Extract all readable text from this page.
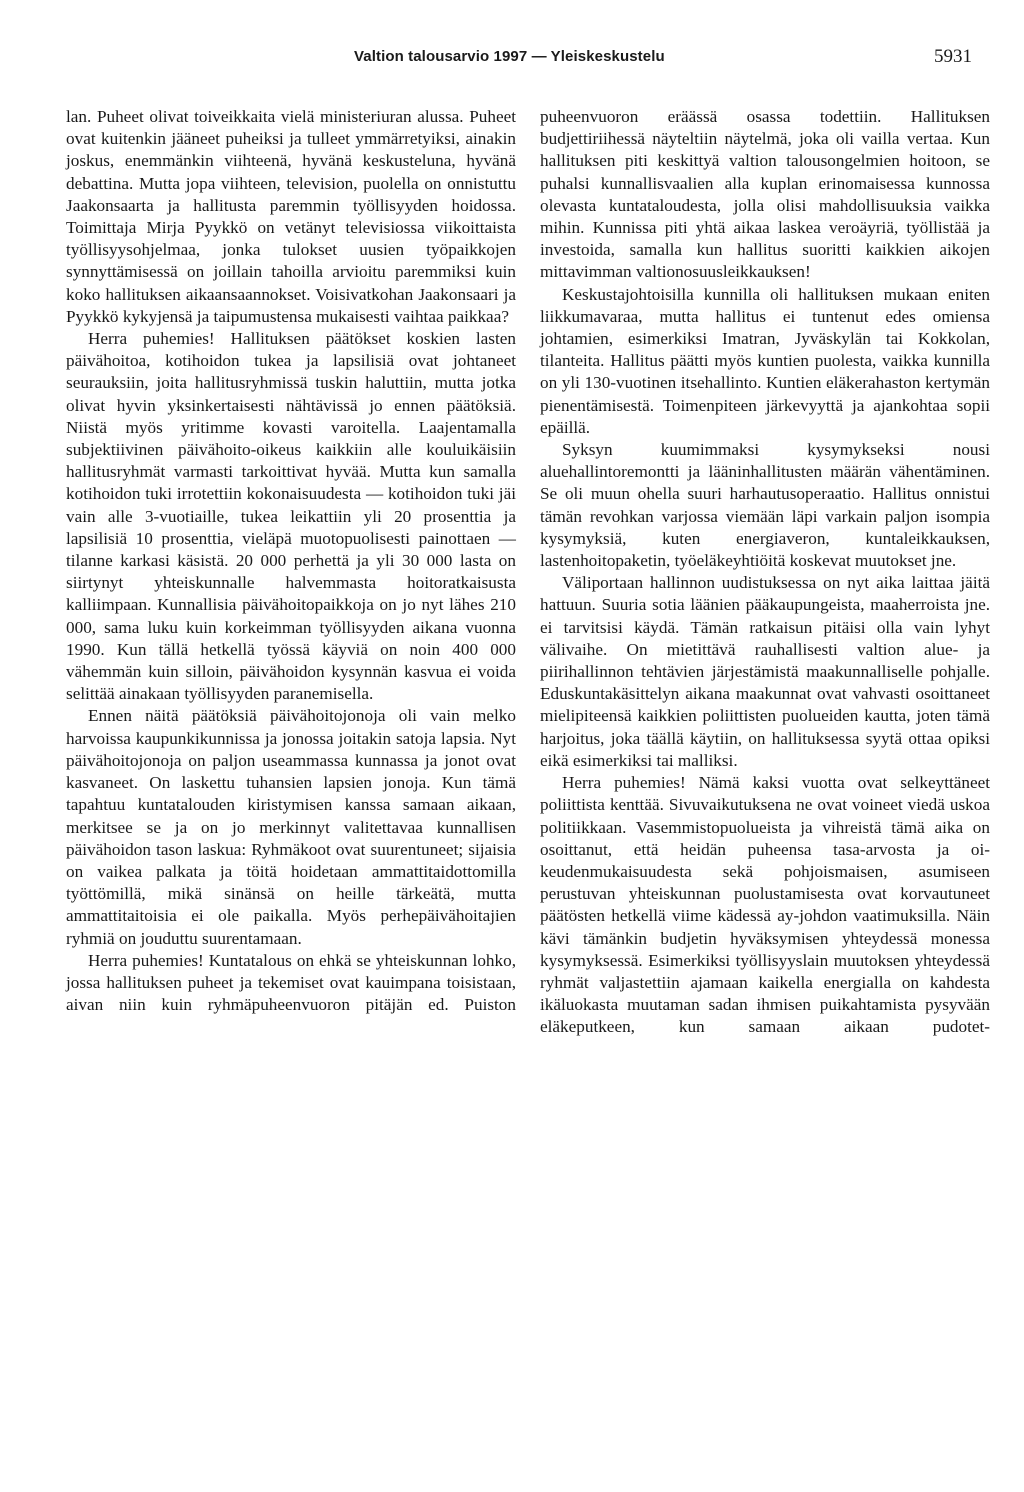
Valtion talousarvio 1997 — Yleiskeskustelu	5931

lan. Puheet olivat toiveikkaita vielä ministeriuran alussa. Puheet ovat kuitenkin jääneet puheiksi ja tulleet ymmärretyiksi, ainakin joskus, enemmänkin viihteenä, hyvänä keskusteluna, hyvänä debattina. Mutta jopa viihteen, television, puolella on onnistuttu Jaakonsaarta ja hallitusta paremmin työllisyyden hoidossa. Toimittaja Mirja Pyykkö on vetänyt televisiossa viikoittaista työllisyysohjelmaa, jonka tulokset uusien työpaikkojen synnyttämisessä on joillain tahoilla arvioitu paremmiksi kuin koko hallituksen aikaansaannokset. Voisivatkohan Jaakonsaari ja Pyykkö kykyjensä ja taipumustensa mukaisesti vaihtaa paikkaa?

Herra puhemies! Hallituksen päätökset koskien lasten päivähoitoa, kotihoidon tukea ja lapsilisiä ovat johtaneet seurauksiin, joita hallitusryhmissä tuskin haluttiin, mutta jotka olivat hyvin yksinkertaisesti nähtävissä jo ennen päätöksiä. Niistä myös yritimme kovasti varoitella. Laajentamalla subjektiivinen päivähoito-oikeus kaikkiin alle kouluikäisiin hallitusryhmät varmasti tarkoittivat hyvää. Mutta kun samalla kotihoidon tuki irrotettiin kokonaisuudesta — kotihoidon tuki jäi vain alle 3-vuotiaille, tukea leikattiin yli 20 prosenttia ja lapsilisiä 10 prosenttia, vieläpä muotopuolisesti painottaen — tilanne karkasi käsistä. 20 000 perhettä ja yli 30 000 lasta on siirtynyt yhteiskunnalle halvemmasta hoitoratkaisusta kalliimpaan. Kunnallisia päivähoitopaikkoja on jo nyt lähes 210 000, sama luku kuin korkeimman työllisyyden aikana vuonna 1990. Kun tällä hetkellä työssä käyviä on noin 400 000 vähemmän kuin silloin, päivähoidon kysynnän kasvua ei voida selittää ainakaan työllisyyden paranemisella.

Ennen näitä päätöksiä päivähoitojonoja oli vain melko harvoissa kaupunkikunnissa ja jonossa joitakin satoja lapsia. Nyt päivähoitojonoja on paljon useammassa kunnassa ja jonot ovat kasvaneet. On laskettu tuhansien lapsien jonoja. Kun tämä tapahtuu kuntatalouden kiristymisen kanssa samaan aikaan, merkitsee se ja on jo merkinnyt valitettavaa kunnallisen päivähoidon tason laskua: Ryhmäkoot ovat suurentuneet; sijaisia on vaikea palkata ja töitä hoidetaan ammattitaidottomilla työttömillä, mikä sinänsä on heille tärkeätä, mutta ammattitaitoisia ei ole paikalla. Myös perhepäivähoitajien ryhmiä on jouduttu suurentamaan.

Herra puhemies! Kuntatalous on ehkä se yhteiskunnan lohko, jossa hallituksen puheet ja tekemiset ovat kauimpana toisistaan, aivan niin kuin ryhmäpuheenvuoron pitäjän ed. Puiston

puheenvuoron eräässä osassa todettiin. Hallituksen budjettiriihessä näyteltiin näytelmä, joka oli vailla vertaa. Kun hallituksen piti keskittyä valtion talousongelmien hoitoon, se puhalsi kunnallisvaalien alla kuplan erinomaisessa kunnossa olevasta kuntataloudesta, jolla olisi mahdollisuuksia vaikka mihin. Kunnissa piti yhtä aikaa laskea veroäyriä, työllistää ja investoida, samalla kun hallitus suoritti kaikkien aikojen mittavimman valtionosuusleikkauksen!

Keskustajohtoisilla kunnilla oli hallituksen mukaan eniten liikkumavaraa, mutta hallitus ei tuntenut edes omiensa johtamien, esimerkiksi Imatran, Jyväskylän tai Kokkolan, tilanteita. Hallitus päätti myös kuntien puolesta, vaikka kunnilla on yli 130-vuotinen itsehallinto. Kuntien eläkerahaston kertymän pienentämisestä. Toimenpiteen järkevyyttä ja ajankohtaa sopii epäillä.

Syksyn kuumimmaksi kysymykseksi nousi aluehallintoremontti ja lääninhallitusten määrän vähentäminen. Se oli muun ohella suuri harhautusoperaatio. Hallitus onnistui tämän revohkan varjossa viemään läpi varkain paljon isompia kysymyksiä, kuten energiaveron, kuntaleikkauksen, lastenhoitopaketin, työeläkeyhtiöitä koskevat muutokset jne.

Väliportaan hallinnon uudistuksessa on nyt aika laittaa jäitä hattuun. Suuria sotia läänien pääkaupungeista, maaherroista jne. ei tarvitsisi käydä. Tämän ratkaisun pitäisi olla vain lyhyt välivaihe. On mietittävä rauhallisesti valtion alue- ja piirihallinnon tehtävien järjestämistä maakunnalliselle pohjalle. Eduskuntakäsittelyn aikana maakunnat ovat vahvasti osoittaneet mielipiteensä kaikkien poliittisten puolueiden kautta, joten tämä harjoitus, joka täällä käytiin, on hallituksessa syytä ottaa opiksi eikä esimerkiksi tai malliksi.

Herra puhemies! Nämä kaksi vuotta ovat selkeyttäneet poliittista kenttää. Sivuvaikutuksena ne ovat voineet viedä uskoa politiikkaan. Vasemmistopuolueista ja vihreistä tämä aika on osoittanut, että heidän puheensa tasa-arvosta ja oikeudenmukaisuudesta sekä pohjoismaisen, asumiseen perustuvan yhteiskunnan puolustamisesta ovat korvautuneet päätösten hetkellä viime kädessä ay-johdon vaatimuksilla. Näin kävi tämänkin budjetin hyväksymisen yhteydessä monessa kysymyksessä. Esimerkiksi työllisyyslain muutoksen yhteydessä ryhmät valjastettiin ajamaan kaikella energialla on kahdesta ikäluokasta muutaman sadan ihmisen puikahtamista pysyvään eläkeputkeen, kun samaan aikaan pudotet-
